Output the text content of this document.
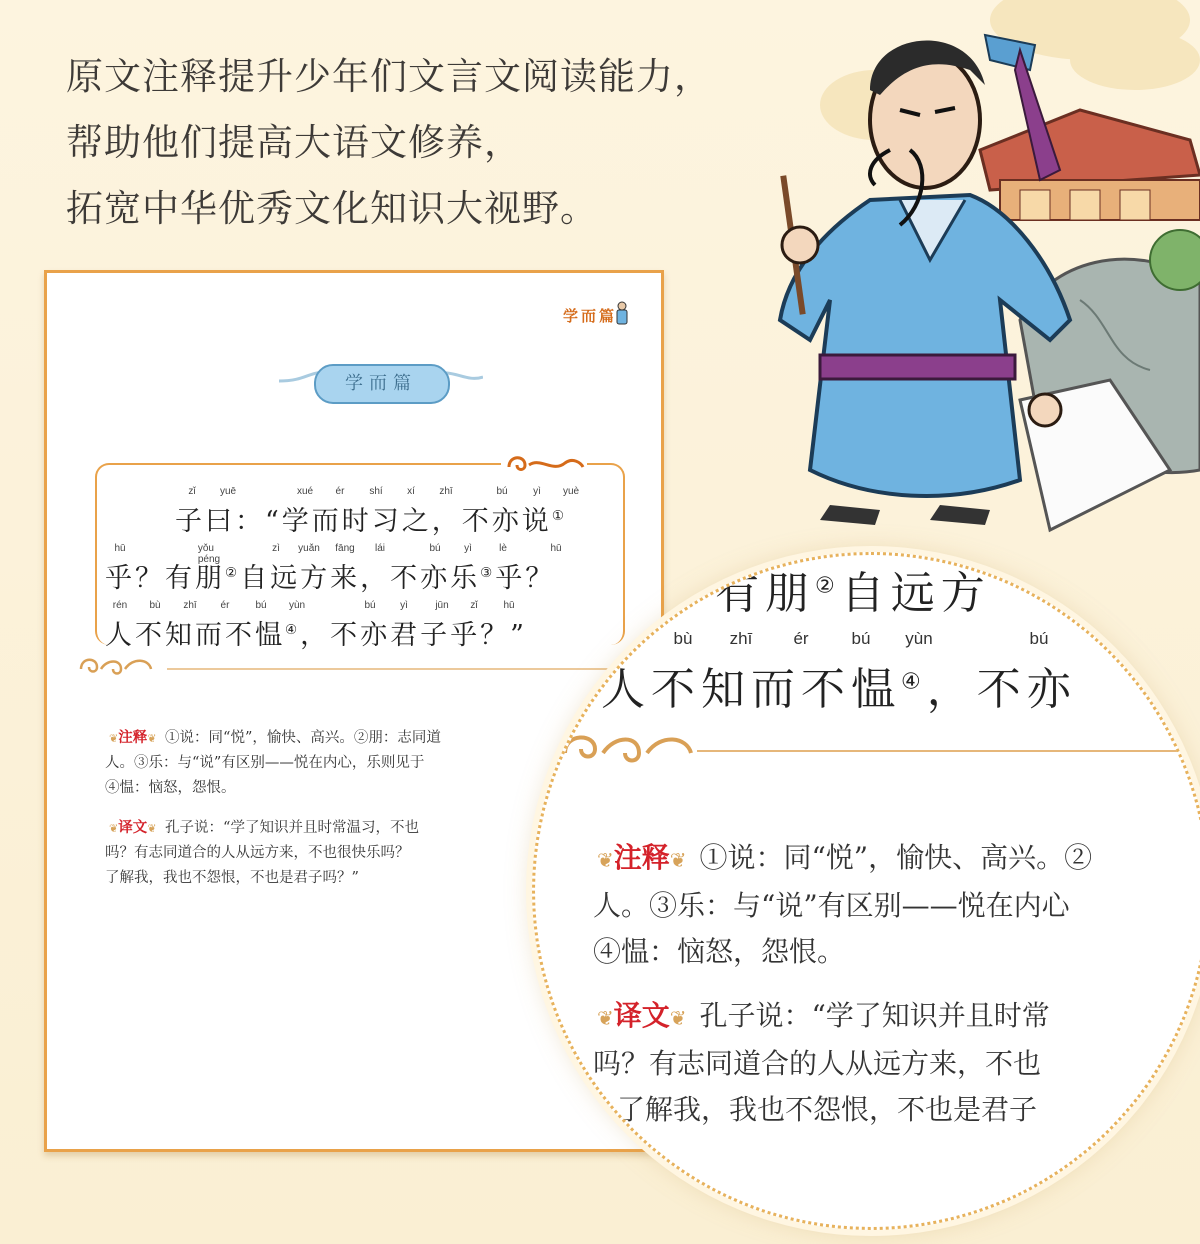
原文注释提升少年们文言文阅读能力，
帮助他们提高大语文修养，
拓宽中华优秀文化知识大视野。
学而篇
学而篇
zǐ yuē	xué ér shí xí zhī	bú	yì yuè
子曰：“学而时习之，不亦说①
hū	yǒu péng
zì yuǎn fāng lái	bú yì	lè	hū
乎？有朋②自远方来，不亦乐③乎？
rén bù zhī ér	bú yùn	bú yì	jūn zǐ	hū
人不知而不愠④，不亦君子乎？”
❦ 注释 ❦ ①说：同“悦”，愉快、高兴。②朋：志同道
人。③乐：与“说”有区别——悦在内心，乐则见于
④愠：恼怒，怨恨。
❦ 译文 ❦ 孔子说：“学了知识并且时常温习，不也
吗？有志同道合的人从远方来，不也很快乐吗？
了解我，我也不怨恨，不也是君子吗？”
有朋②自远方
bù zhī ér	bú yùn	bú
人不知而不愠④，不亦
❦ 注释 ❦ ①说：同“悦”，愉快、高兴。②
人。③乐：与“说”有区别——悦在内心
④愠：恼怒，怨恨。
❦ 译文 ❦ 孔子说：“学了知识并且时常
吗？有志同道合的人从远方来，不也
了解我，我也不怨恨，不也是君子
